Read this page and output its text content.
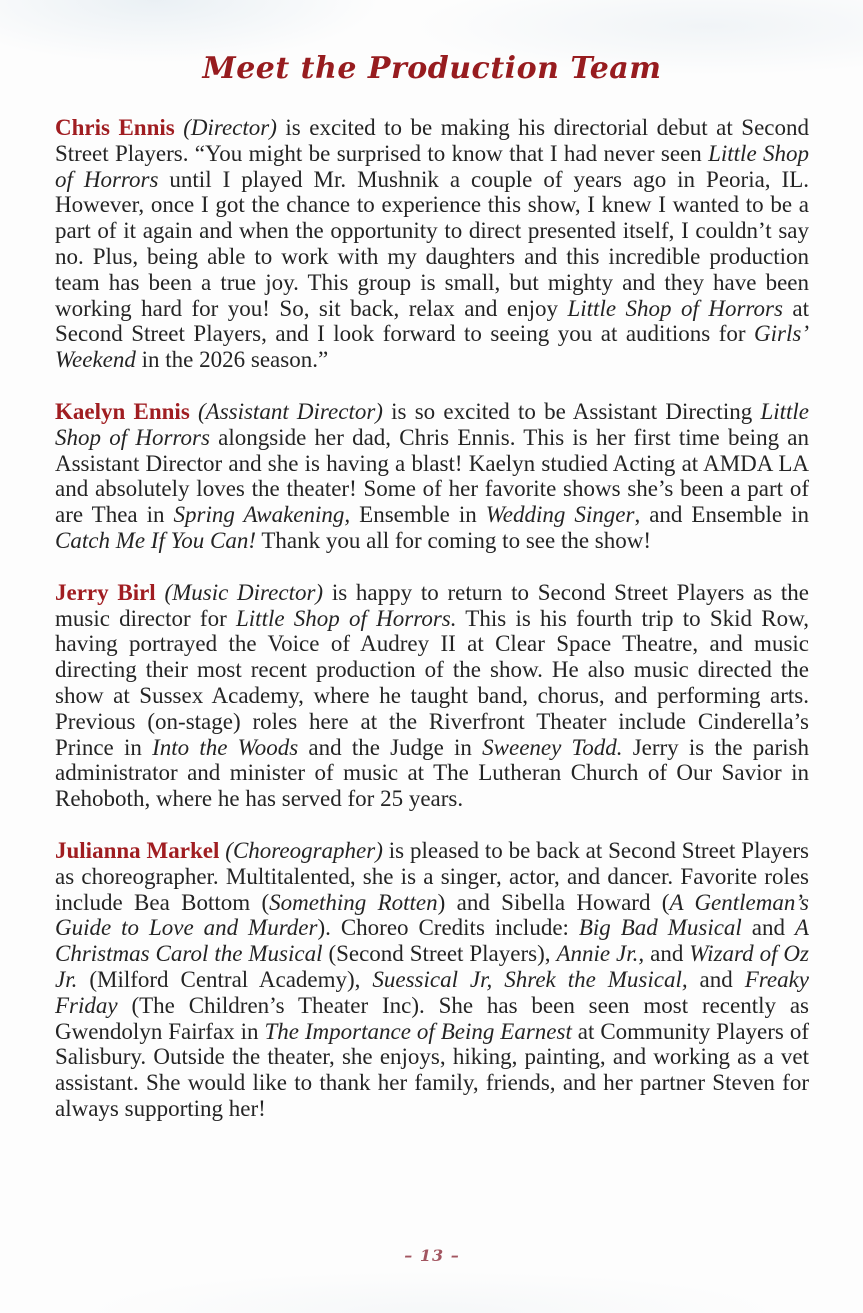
Meet the Production Team

Chris Ennis (Director) is excited to be making his directorial debut at Second Street Players. “You might be surprised to know that I had never seen Little Shop of Horrors until I played Mr. Mushnik a couple of years ago in Peoria, IL. However, once I got the chance to experience this show, I knew I wanted to be a part of it again and when the opportunity to direct presented itself, I couldn’t say no. Plus, being able to work with my daughters and this incredible production team has been a true joy. This group is small, but mighty and they have been working hard for you! So, sit back, relax and enjoy Little Shop of Horrors at Second Street Players, and I look forward to seeing you at auditions for Girls’ Weekend in the 2026 season.”

Kaelyn Ennis (Assistant Director) is so excited to be Assistant Directing Little Shop of Horrors alongside her dad, Chris Ennis. This is her first time being an Assistant Director and she is having a blast! Kaelyn studied Acting at AMDA LA and absolutely loves the theater! Some of her favorite shows she’s been a part of are Thea in Spring Awakening, Ensemble in Wedding Singer, and Ensemble in Catch Me If You Can! Thank you all for coming to see the show!

Jerry Birl (Music Director) is happy to return to Second Street Players as the music director for Little Shop of Horrors. This is his fourth trip to Skid Row, having portrayed the Voice of Audrey II at Clear Space Theatre, and music directing their most recent production of the show. He also music directed the show at Sussex Academy, where he taught band, chorus, and performing arts. Previous (on-stage) roles here at the Riverfront Theater include Cinderella’s Prince in Into the Woods and the Judge in Sweeney Todd. Jerry is the parish administrator and minister of music at The Lutheran Church of Our Savior in Rehoboth, where he has served for 25 years.

Julianna Markel (Choreographer) is pleased to be back at Second Street Players as choreographer. Multitalented, she is a singer, actor, and dancer. Favorite roles include Bea Bottom (Something Rotten) and Sibella Howard (A Gentleman’s Guide to Love and Murder). Choreo Credits include: Big Bad Musical and A Christmas Carol the Musical (Second Street Players), Annie Jr., and Wizard of Oz Jr. (Milford Central Academy), Suessical Jr, Shrek the Musical, and Freaky Friday (The Children’s Theater Inc). She has been seen most recently as Gwendolyn Fairfax in The Importance of Being Earnest at Community Players of Salisbury. Outside the theater, she enjoys, hiking, painting, and working as a vet assistant. She would like to thank her family, friends, and her partner Steven for always supporting her!

– 13 –
